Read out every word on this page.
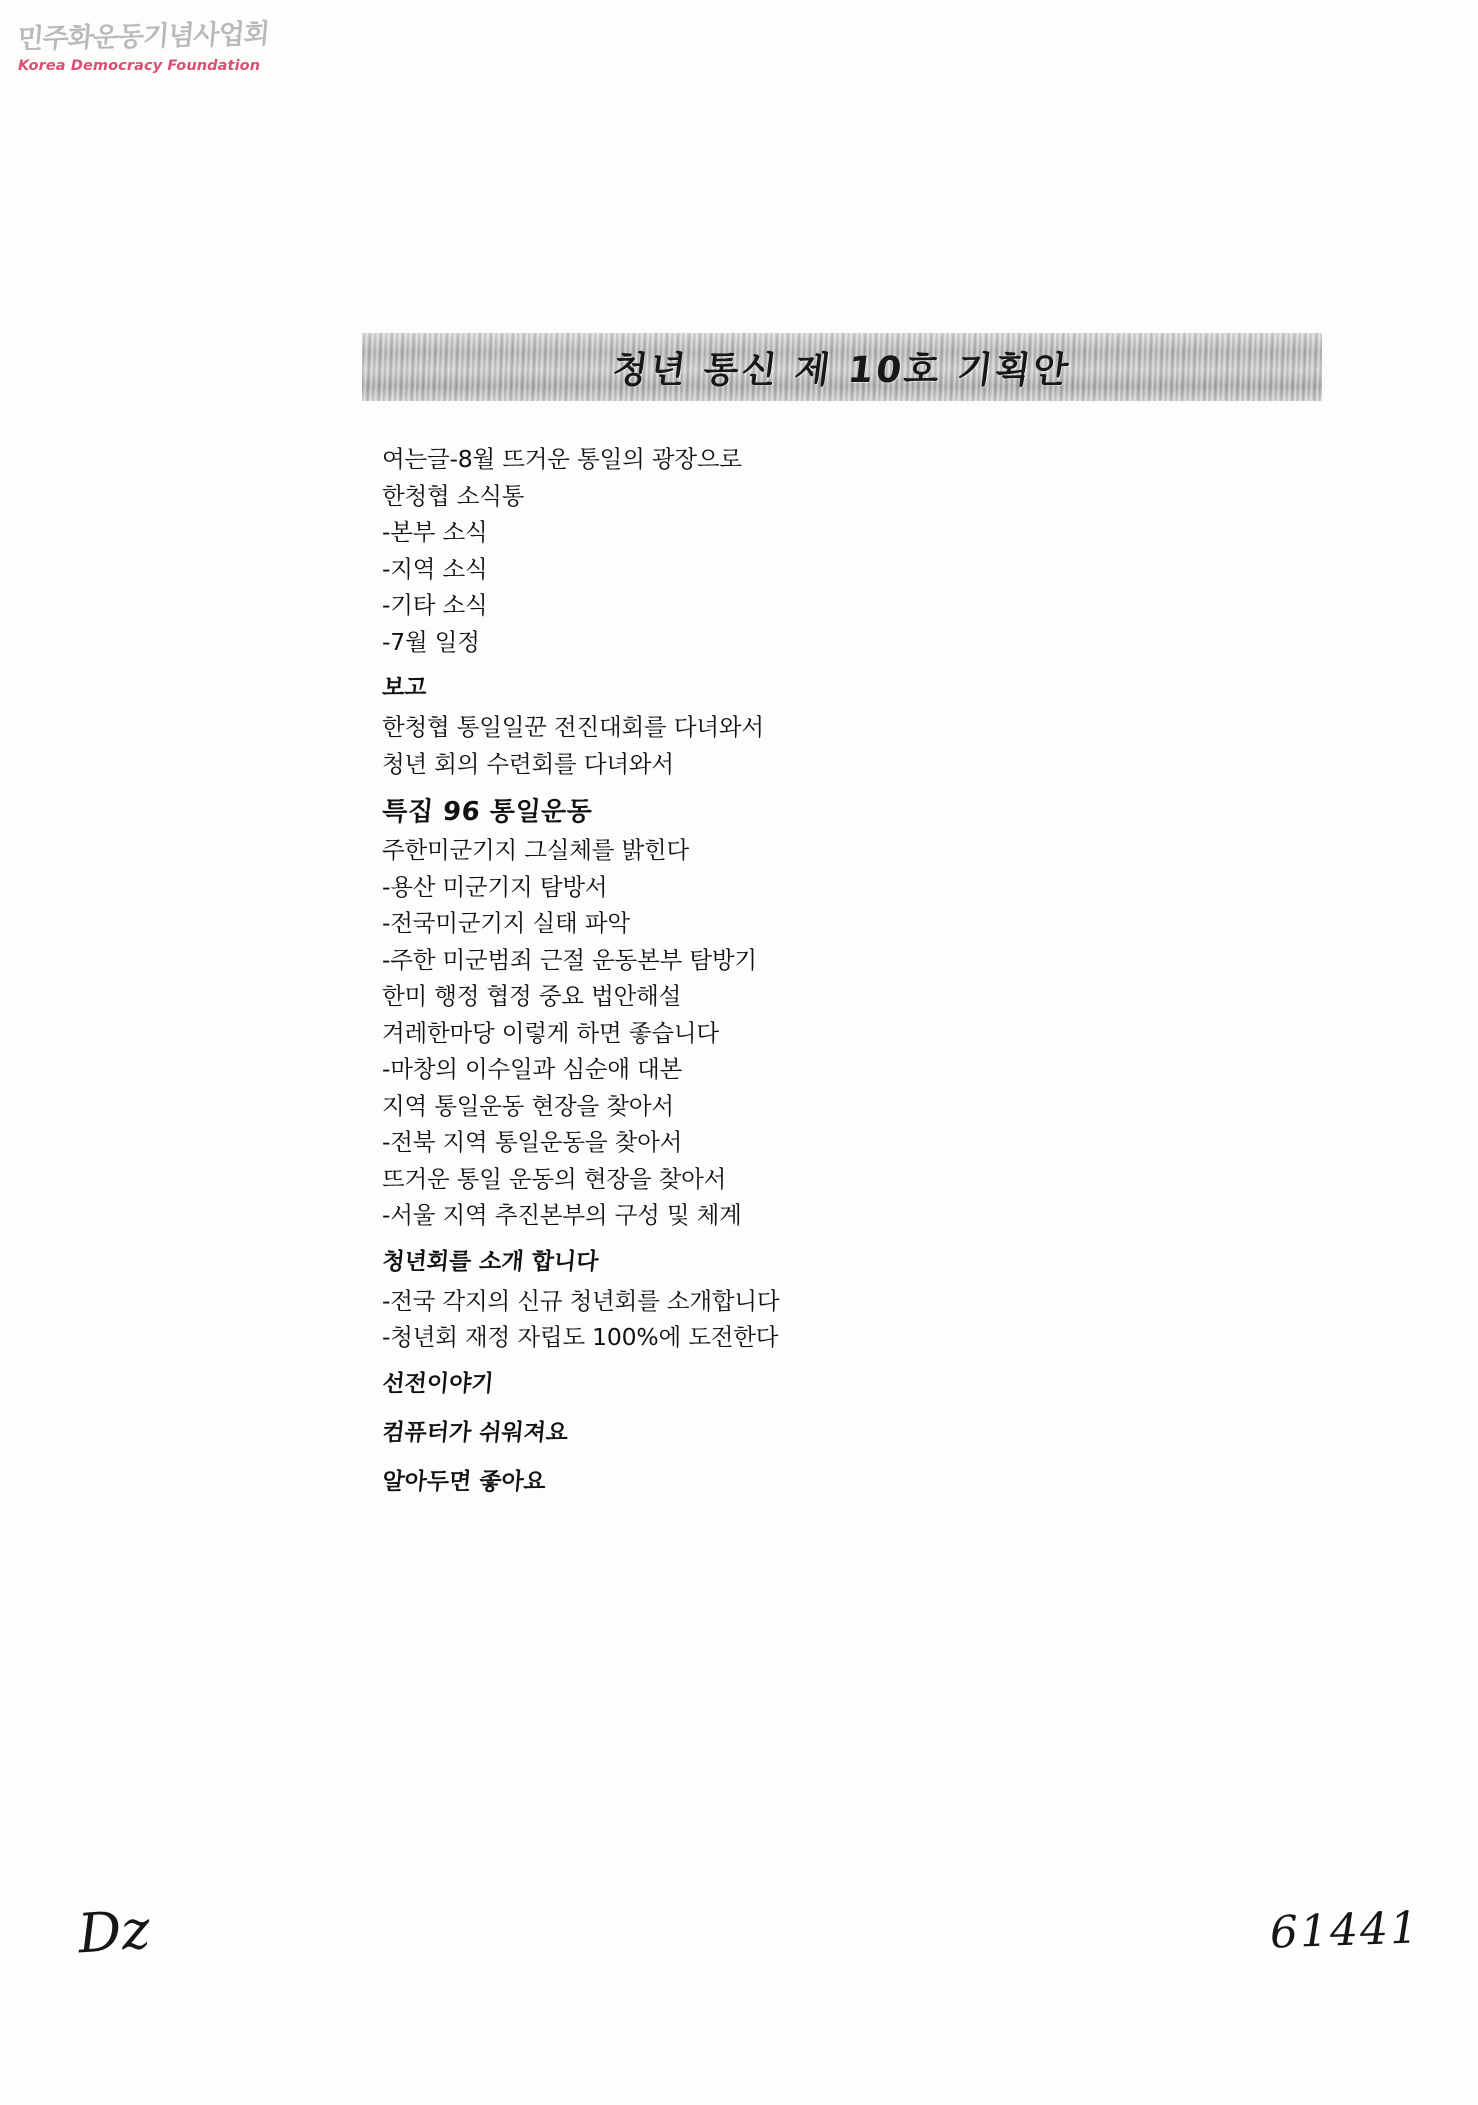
민주화운동기념사업회
Korea Democracy Foundation
청년 통신 제 10호 기획안
여는글-8월 뜨거운 통일의 광장으로
한청협 소식통
-본부 소식
-지역 소식
-기타 소식
-7월 일정
보고
한청협 통일일꾼 전진대회를 다녀와서
청년 회의 수련회를 다녀와서
특집 96 통일운동
주한미군기지 그실체를 밝힌다
-용산 미군기지 탐방서
-전국미군기지 실태 파악
-주한 미군범죄 근절 운동본부 탐방기
한미 행정 협정 중요 법안해설
겨레한마당 이렇게 하면 좋습니다
-마창의 이수일과 심순애 대본
지역 통일운동 현장을 찾아서
-전북 지역 통일운동을 찾아서
뜨거운 통일 운동의 현장을 찾아서
-서울 지역 추진본부의 구성 및 체계
청년회를 소개 합니다
-전국 각지의 신규 청년회를 소개합니다
-청년회 재정 자립도 100%에 도전한다
선전이야기
컴퓨터가 쉬워져요
알아두면 좋아요
Dz	61441
